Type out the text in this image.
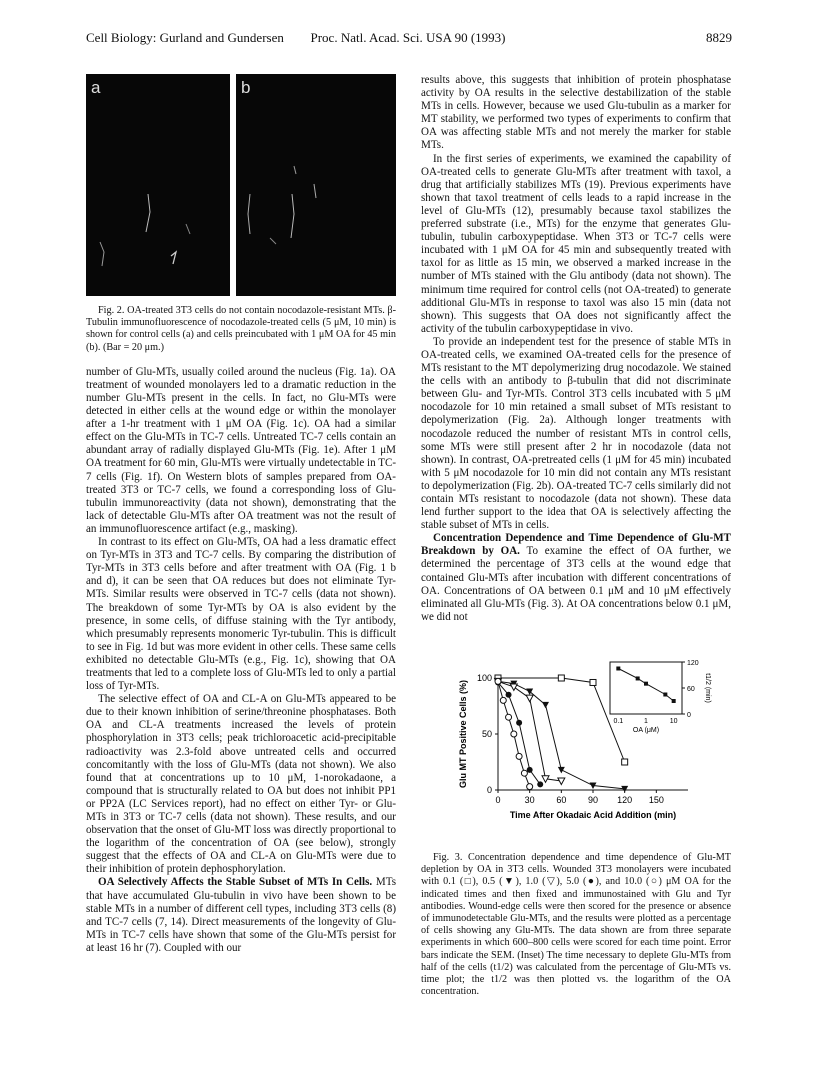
Cell Biology: Gurland and Gundersen	Proc. Natl. Acad. Sci. USA 90 (1993)	8829
a	b

Fig. 2. OA-treated 3T3 cells do not contain nocodazole-resistant MTs. β-Tubulin immunofluorescence of nocodazole-treated cells (5 μM, 10 min) is shown for control cells (a) and cells preincubated with 1 μM OA for 45 min (b). (Bar = 20 μm.)

number of Glu-MTs, usually coiled around the nucleus (Fig. 1a). OA treatment of wounded monolayers led to a dramatic reduction in the number Glu-MTs present in the cells. In fact, no Glu-MTs were detected in either cells at the wound edge or within the monolayer after a 1-hr treatment with 1 μM OA (Fig. 1c). OA had a similar effect on the Glu-MTs in TC-7 cells. Untreated TC-7 cells contain an abundant array of radially displayed Glu-MTs (Fig. 1e). After 1 μM OA treatment for 60 min, Glu-MTs were virtually undetectable in TC-7 cells (Fig. 1f). On Western blots of samples prepared from OA-treated 3T3 or TC-7 cells, we found a corresponding loss of Glu-tubulin immunoreactivity (data not shown), demonstrating that the lack of detectable Glu-MTs after OA treatment was not the result of an immunofluorescence artifact (e.g., masking).

In contrast to its effect on Glu-MTs, OA had a less dramatic effect on Tyr-MTs in 3T3 and TC-7 cells. By comparing the distribution of Tyr-MTs in 3T3 cells before and after treatment with OA (Fig. 1 b and d), it can be seen that OA reduces but does not eliminate Tyr-MTs. Similar results were observed in TC-7 cells (data not shown). The breakdown of some Tyr-MTs by OA is also evident by the presence, in some cells, of diffuse staining with the Tyr antibody, which presumably represents monomeric Tyr-tubulin. This is difficult to see in Fig. 1d but was more evident in other cells. These same cells exhibited no detectable Glu-MTs (e.g., Fig. 1c), showing that OA treatments that led to a complete loss of Glu-MTs led to only a partial loss of Tyr-MTs.

The selective effect of OA and CL-A on Glu-MTs appeared to be due to their known inhibition of serine/threonine phosphatases. Both OA and CL-A treatments increased the levels of protein phosphorylation in 3T3 cells; peak trichloroacetic acid-precipitable radioactivity was 2.3-fold above untreated cells and occurred concomitantly with the loss of Glu-MTs (data not shown). We also found that at concentrations up to 10 μM, 1-norokadaone, a compound that is structurally related to OA but does not inhibit PP1 or PP2A (LC Services report), had no effect on either Tyr- or Glu-MTs in 3T3 or TC-7 cells (data not shown). These results, and our observation that the onset of Glu-MT loss was directly proportional to the logarithm of the concentration of OA (see below), strongly suggest that the effects of OA and CL-A on Glu-MTs were due to their inhibition of protein dephosphorylation.

OA Selectively Affects the Stable Subset of MTs In Cells. MTs that have accumulated Glu-tubulin in vivo have been shown to be stable MTs in a number of different cell types, including 3T3 cells (8) and TC-7 cells (7, 14). Direct measurements of the longevity of Glu-MTs in TC-7 cells have shown that some of the Glu-MTs persist for at least 16 hr (7). Coupled with our

results above, this suggests that inhibition of protein phosphatase activity by OA results in the selective destabilization of the stable MTs in cells. However, because we used Glu-tubulin as a marker for MT stability, we performed two types of experiments to confirm that OA was affecting stable MTs and not merely the marker for stable MTs.

In the first series of experiments, we examined the capability of OA-treated cells to generate Glu-MTs after treatment with taxol, a drug that artificially stabilizes MTs (19). Previous experiments have shown that taxol treatment of cells leads to a rapid increase in the level of Glu-MTs (12), presumably because taxol stabilizes the preferred substrate (i.e., MTs) for the enzyme that generates Glu-tubulin, tubulin carboxypeptidase. When 3T3 or TC-7 cells were incubated with 1 μM OA for 45 min and subsequently treated with taxol for as little as 15 min, we observed a marked increase in the number of MTs stained with the Glu antibody (data not shown). The minimum time required for control cells (not OA-treated) to generate additional Glu-MTs in response to taxol was also 15 min (data not shown). This suggests that OA does not significantly affect the activity of the tubulin carboxypeptidase in vivo.

To provide an independent test for the presence of stable MTs in OA-treated cells, we examined OA-treated cells for the presence of MTs resistant to the MT depolymerizing drug nocodazole. We stained the cells with an antibody to β-tubulin that did not discriminate between Glu- and Tyr-MTs. Control 3T3 cells incubated with 5 μM nocodazole for 10 min retained a small subset of MTs resistant to depolymerization (Fig. 2a). Although longer treatments with nocodazole reduced the number of resistant MTs in control cells, some MTs were still present after 2 hr in nocodazole (data not shown). In contrast, OA-pretreated cells (1 μM for 45 min) incubated with 5 μM nocodazole for 10 min did not contain any MTs resistant to depolymerization (Fig. 2b). OA-treated TC-7 cells similarly did not contain MTs resistant to nocodazole (data not shown). These data lend further support to the idea that OA is selectively affecting the stable subset of MTs in cells.

Concentration Dependence and Time Dependence of Glu-MT Breakdown by OA. To examine the effect of OA further, we determined the percentage of 3T3 cells at the wound edge that contained Glu-MTs after incubation with different concentrations of OA. Concentrations of OA between 0.1 μM and 10 μM effectively eliminated all Glu-MTs (Fig. 3). At OA concentrations below 0.1 μM, we did not

0	30 60 90 120 150
0
50
100
Time After Okadaic Acid Addition (min)
Glu MT Positive Cells (%)	0.1	1	10
0
60
120
OA (μM)
t1/2 (min)

Fig. 3. Concentration dependence and time dependence of Glu-MT depletion by OA in 3T3 cells. Wounded 3T3 monolayers were incubated with 0.1 (□), 0.5 (▼), 1.0 (▽), 5.0 (●), and 10.0 (○) μM OA for the indicated times and then fixed and immunostained with Glu and Tyr antibodies. Wound-edge cells were then scored for the presence or absence of immunodetectable Glu-MTs, and the results were plotted as a percentage of cells showing any Glu-MTs. The data shown are from three separate experiments in which 600–800 cells were scored for each time point. Error bars indicate the SEM. (Inset) The time necessary to deplete Glu-MTs from half of the cells (t1/2) was calculated from the percentage of Glu-MTs vs. time plot; the t1/2 was then plotted vs. the logarithm of the OA concentration.
